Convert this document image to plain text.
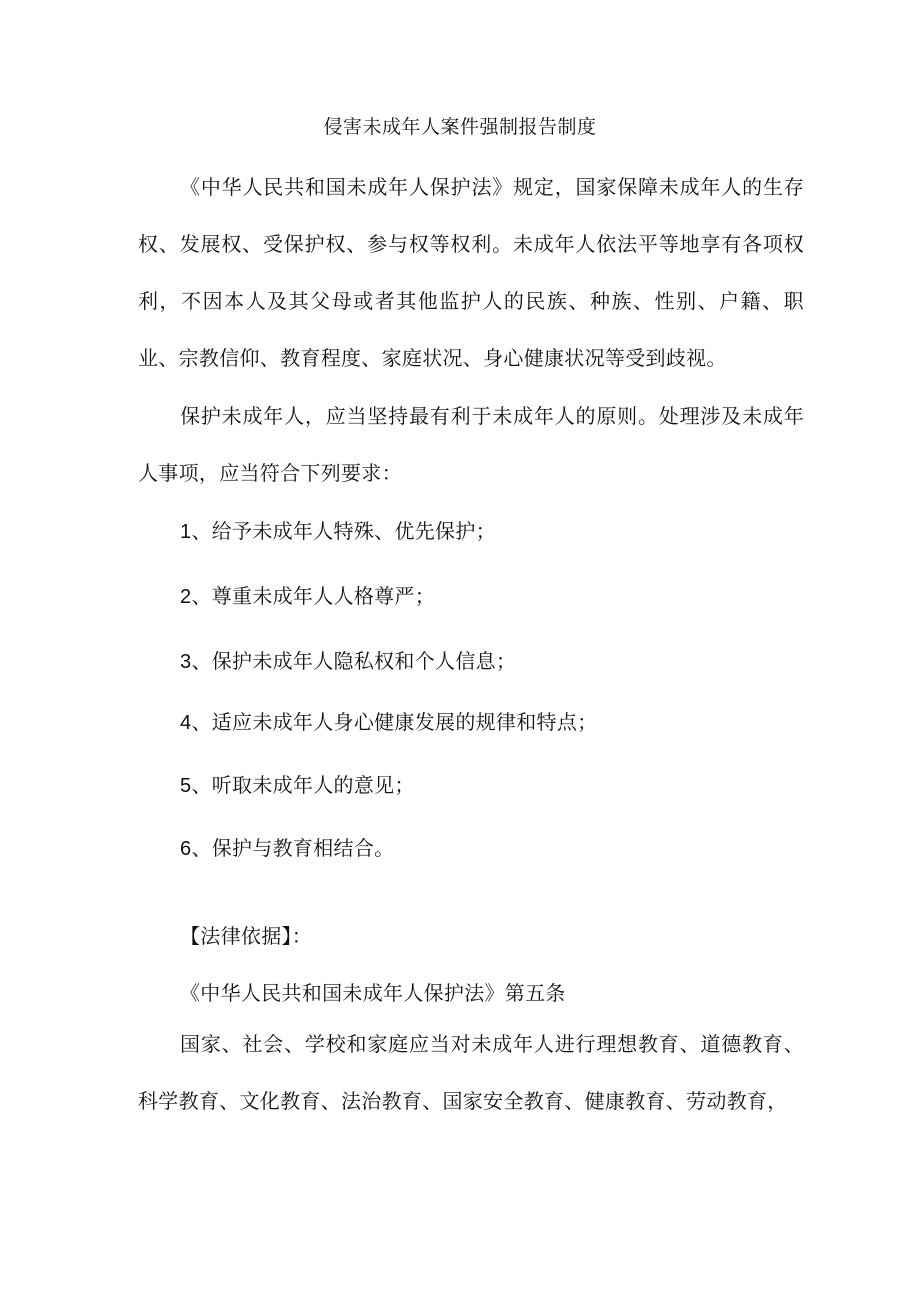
侵害未成年人案件强制报告制度

《中华人民共和国未成年人保护法》规定，国家保障未成年人的生存权、发展权、受保护权、参与权等权利。未成年人依法平等地享有各项权利，不因本人及其父母或者其他监护人的民族、种族、性别、户籍、职业、宗教信仰、教育程度、家庭状况、身心健康状况等受到歧视。

保护未成年人，应当坚持最有利于未成年人的原则。处理涉及未成年人事项，应当符合下列要求：

1、给予未成年人特殊、优先保护；

2、尊重未成年人人格尊严；

3、保护未成年人隐私权和个人信息；

4、适应未成年人身心健康发展的规律和特点；

5、听取未成年人的意见；

6、保护与教育相结合。

【法律依据】：

《中华人民共和国未成年人保护法》第五条

国家、社会、学校和家庭应当对未成年人进行理想教育、道德教育、科学教育、文化教育、法治教育、国家安全教育、健康教育、劳动教育，
